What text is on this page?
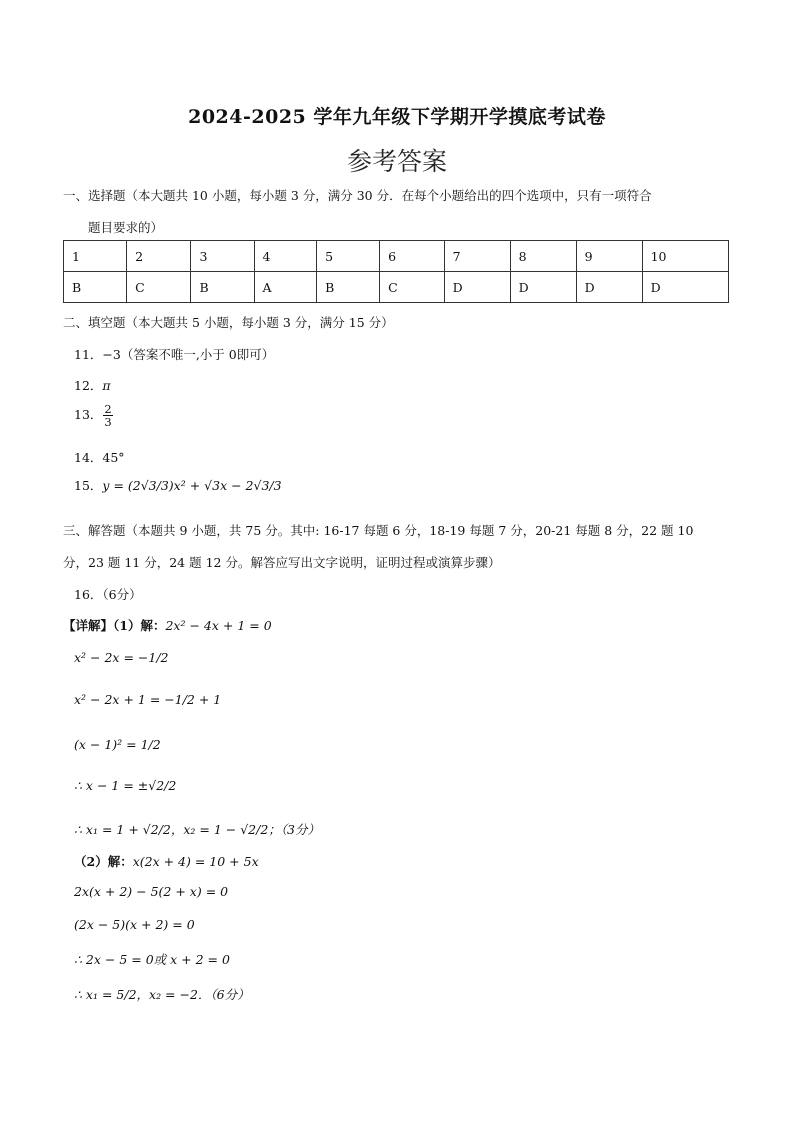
2024-2025 学年九年级下学期开学摸底考试卷
参考答案
一、选择题（本大题共 10 小题，每小题 3 分，满分 30 分．在每个小题给出的四个选项中，只有一项符合
题目要求的）
1	2	3	4	5	6	7	8	9	10
B	C	B	A	B	C	D	D	D	D
二、填空题（本大题共 5 小题，每小题 3 分，满分 15 分）
11．−3（答案不唯一,小于 0即可）
12．π
13． $\frac{2}{3}$
14．45°
15．y = (2√3/3)x² + √3x − 2√3/3
三、解答题（本题共 9 小题，共 75 分。其中: 16-17 每题 6 分，18-19 每题 7 分，20-21 每题 8 分，22 题 10
分，23 题 11 分，24 题 12 分。解答应写出文字说明，证明过程或演算步骤）
16．（6分）
【详解】（1）解：2x² − 4x + 1 = 0
x² − 2x = −1/2
x² − 2x + 1 = −1/2 + 1
(x − 1)² = 1/2
∴ x − 1 = ±√2/2
∴ x₁ = 1 + √2/2，x₂ = 1 − √2/2；（3分）
（2）解：x(2x + 4) = 10 + 5x
2x(x + 2) − 5(2 + x) = 0
(2x − 5)(x + 2) = 0
∴ 2x − 5 = 0或 x + 2 = 0
∴ x₁ = 5/2，x₂ = −2．（6分）
